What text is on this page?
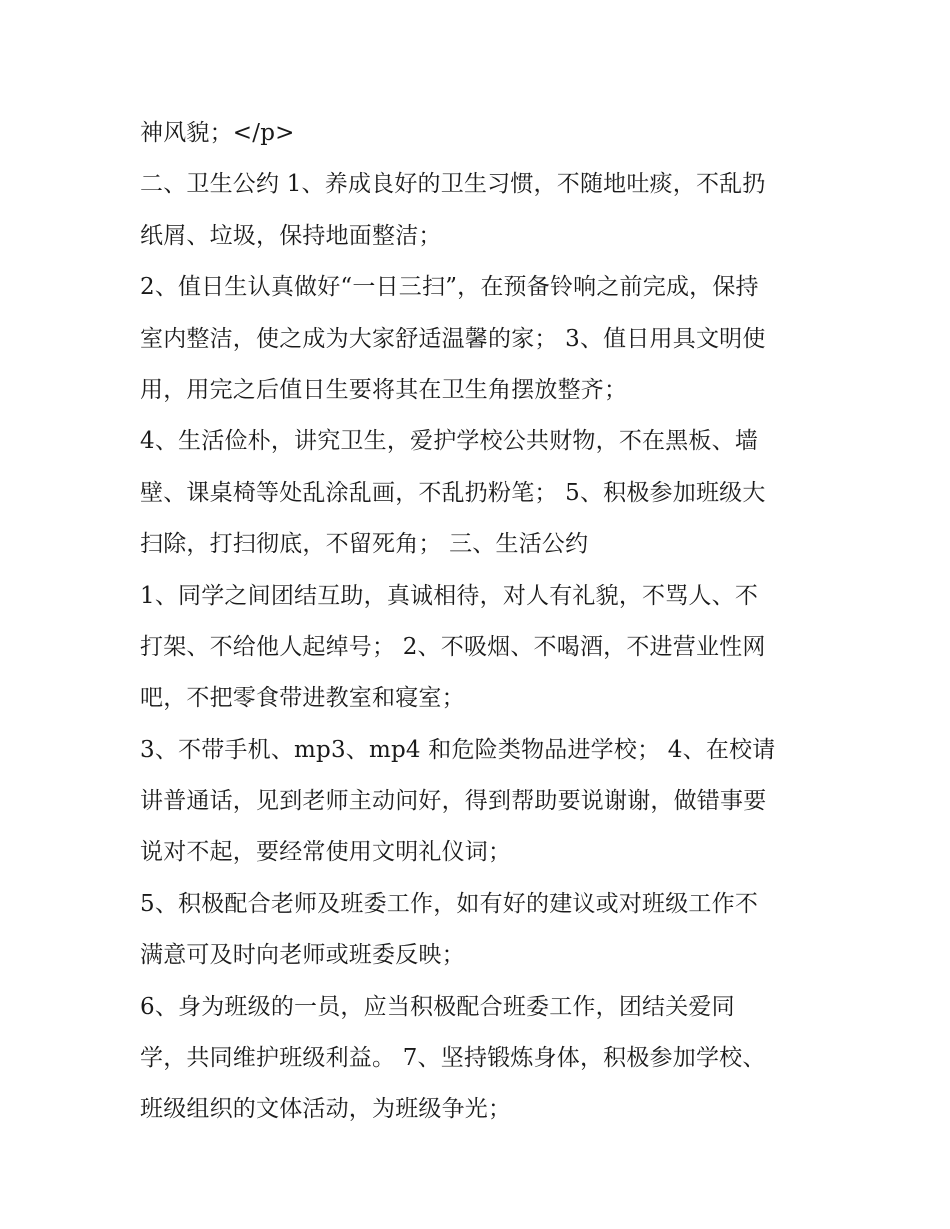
神风貌；</p>
二、卫生公约 1、养成良好的卫生习惯，不随地吐痰，不乱扔
纸屑、垃圾，保持地面整洁；
2、值日生认真做好“一日三扫”，在预备铃响之前完成，保持
室内整洁，使之成为大家舒适温馨的家； 3、值日用具文明使
用，用完之后值日生要将其在卫生角摆放整齐；
4、生活俭朴，讲究卫生，爱护学校公共财物，不在黑板、墙
壁、课桌椅等处乱涂乱画，不乱扔粉笔； 5、积极参加班级大
扫除，打扫彻底，不留死角； 三、生活公约
1、同学之间团结互助，真诚相待，对人有礼貌，不骂人、不
打架、不给他人起绰号； 2、不吸烟、不喝酒，不进营业性网
吧，不把零食带进教室和寝室；
3、不带手机、mp3、mp4 和危险类物品进学校； 4、在校请
讲普通话，见到老师主动问好，得到帮助要说谢谢，做错事要
说对不起，要经常使用文明礼仪词；
5、积极配合老师及班委工作，如有好的建议或对班级工作不
满意可及时向老师或班委反映；
6、身为班级的一员，应当积极配合班委工作，团结关爱同
学，共同维护班级利益。 7、坚持锻炼身体，积极参加学校、
班级组织的文体活动，为班级争光；
